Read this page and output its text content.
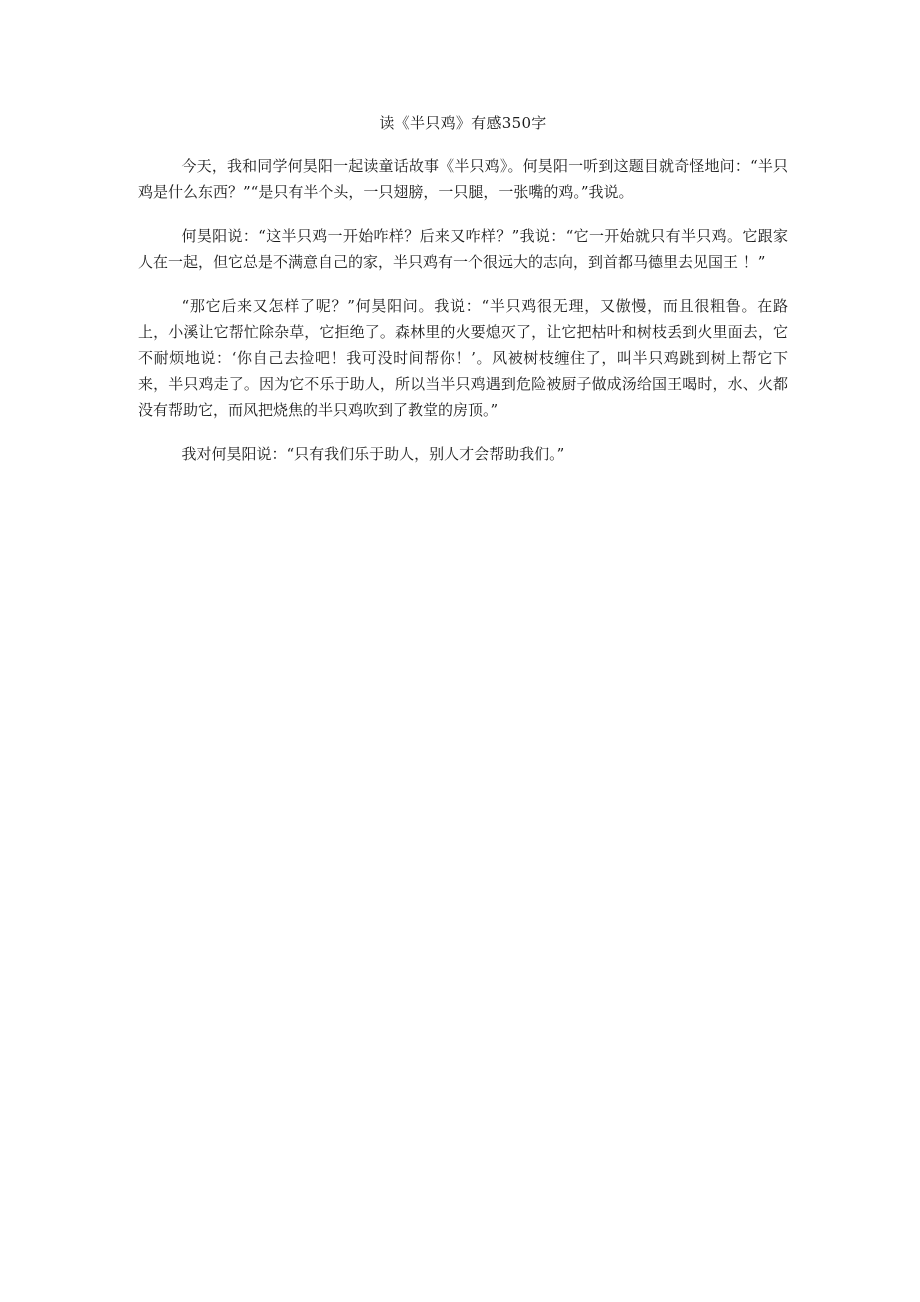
读《半只鸡》有感350字

今天，我和同学何昊阳一起读童话故事《半只鸡》。何昊阳一听到这题目就奇怪地问：“半只鸡是什么东西？”“是只有半个头，一只翅膀，一只腿，一张嘴的鸡。”我说。

何昊阳说：“这半只鸡一开始咋样？后来又咋样？”我说：“它一开始就只有半只鸡。它跟家人在一起，但它总是不满意自己的家，半只鸡有一个很远大的志向，到首都马德里去见国王 ！”

“那它后来又怎样了呢？”何昊阳问。我说：“半只鸡很无理，又傲慢，而且很粗鲁。在路上，小溪让它帮忙除杂草，它拒绝了。森林里的火要熄灭了，让它把枯叶和树枝丢到火里面去，它不耐烦地说：‘你自己去捡吧！我可没时间帮你！’。风被树枝缠住了，叫半只鸡跳到树上帮它下来，半只鸡走了。因为它不乐于助人，所以当半只鸡遇到危险被厨子做成汤给国王喝时，水、火都没有帮助它，而风把烧焦的半只鸡吹到了教堂的房顶。”

我对何昊阳说：“只有我们乐于助人，别人才会帮助我们。”
